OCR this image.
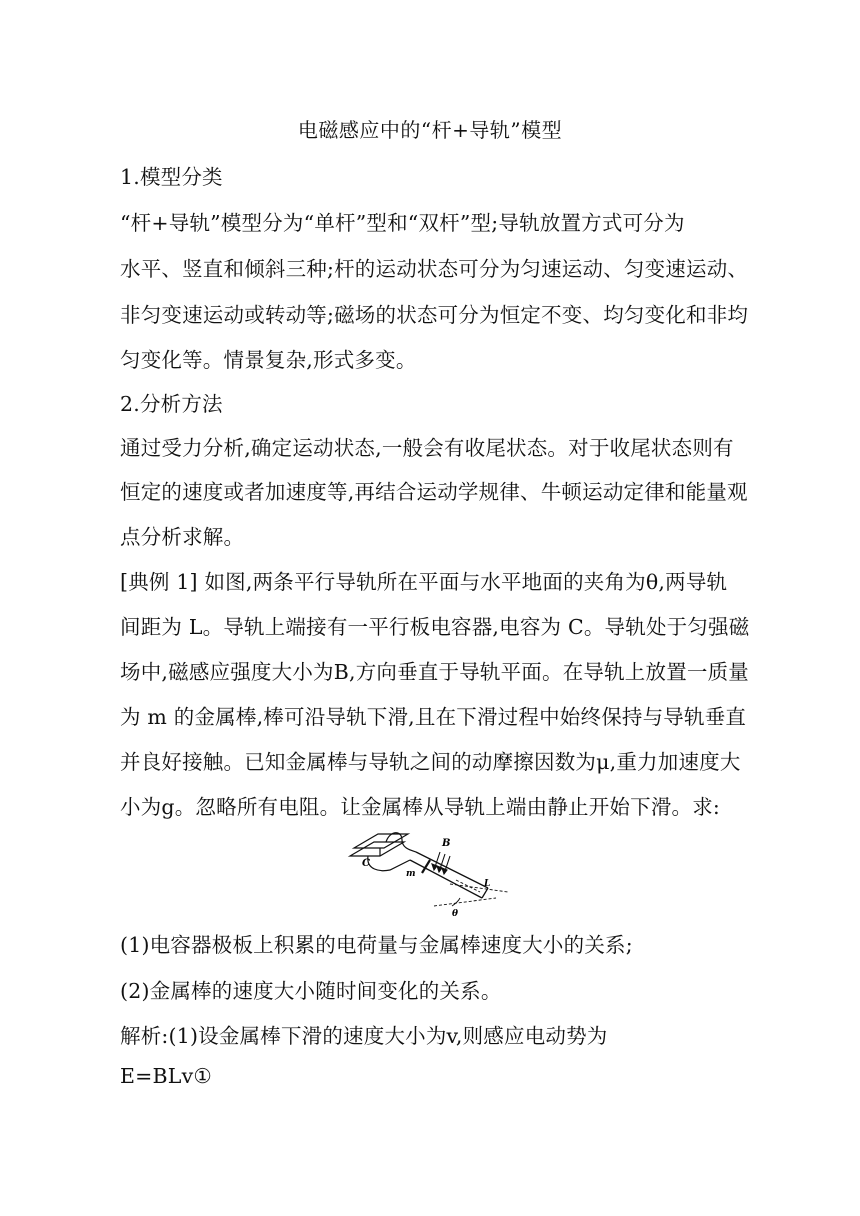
电磁感应中的“杆+导轨”模型
1.模型分类
“杆+导轨”模型分为“单杆”型和“双杆”型;导轨放置方式可分为
水平、竖直和倾斜三种;杆的运动状态可分为匀速运动、匀变速运动、
非匀变速运动或转动等;磁场的状态可分为恒定不变、均匀变化和非均
匀变化等。情景复杂,形式多变。
2.分析方法
通过受力分析,确定运动状态,一般会有收尾状态。对于收尾状态则有
恒定的速度或者加速度等,再结合运动学规律、牛顿运动定律和能量观
点分析求解。
[典例 1] 如图,两条平行导轨所在平面与水平地面的夹角为θ,两导轨
间距为 L。导轨上端接有一平行板电容器,电容为 C。导轨处于匀强磁
场中,磁感应强度大小为B,方向垂直于导轨平面。在导轨上放置一质量
为 m 的金属棒,棒可沿导轨下滑,且在下滑过程中始终保持与导轨垂直
并良好接触。已知金属棒与导轨之间的动摩擦因数为μ,重力加速度大
小为g。忽略所有电阻。让金属棒从导轨上端由静止开始下滑。求:
C
B
m
L
θ
(1)电容器极板上积累的电荷量与金属棒速度大小的关系;
(2)金属棒的速度大小随时间变化的关系。
解析:(1)设金属棒下滑的速度大小为v,则感应电动势为
E=BLv①
